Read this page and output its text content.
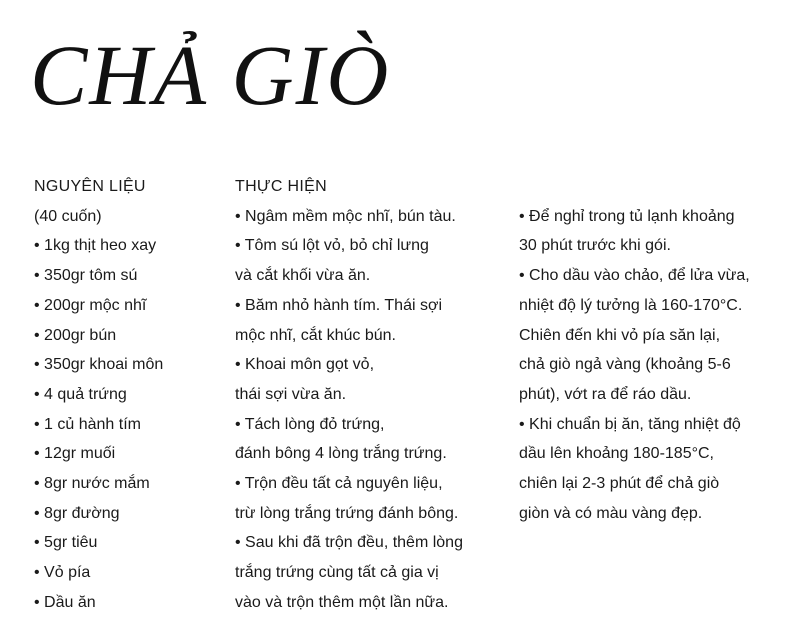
CHẢ GIÒ
NGUYÊN LIỆU
(40 cuốn)
• 1kg thịt heo xay
• 350gr tôm sú
• 200gr mộc nhĩ
• 200gr bún
• 350gr khoai môn
• 4 quả trứng
• 1 củ hành tím
• 12gr muối
• 8gr nước mắm
• 8gr đường
• 5gr tiêu
• Vỏ pía
• Dầu ăn
THỰC HIỆN
• Ngâm mềm mộc nhĩ, bún tàu.
• Tôm sú lột vỏ, bỏ chỉ lưng
và cắt khối vừa ăn.
• Băm nhỏ hành tím. Thái sợi
mộc nhĩ, cắt khúc bún.
• Khoai môn gọt vỏ,
thái sợi vừa ăn.
• Tách lòng đỏ trứng,
đánh bông 4 lòng trắng trứng.
• Trộn đều tất cả nguyên liệu,
trừ lòng trắng trứng đánh bông.
• Sau khi đã trộn đều, thêm lòng
trắng trứng cùng tất cả gia vị
vào và trộn thêm một lần nữa.
• Để nghỉ trong tủ lạnh khoảng
30 phút trước khi gói.
• Cho dầu vào chảo, để lửa vừa,
nhiệt độ lý tưởng là 160-170°C.
Chiên đến khi vỏ pía săn lại,
chả giò ngả vàng (khoảng 5-6
phút), vớt ra để ráo dầu.
• Khi chuẩn bị ăn, tăng nhiệt độ
dầu lên khoảng 180-185°C,
chiên lại 2-3 phút để chả giò
giòn và có màu vàng đẹp.
